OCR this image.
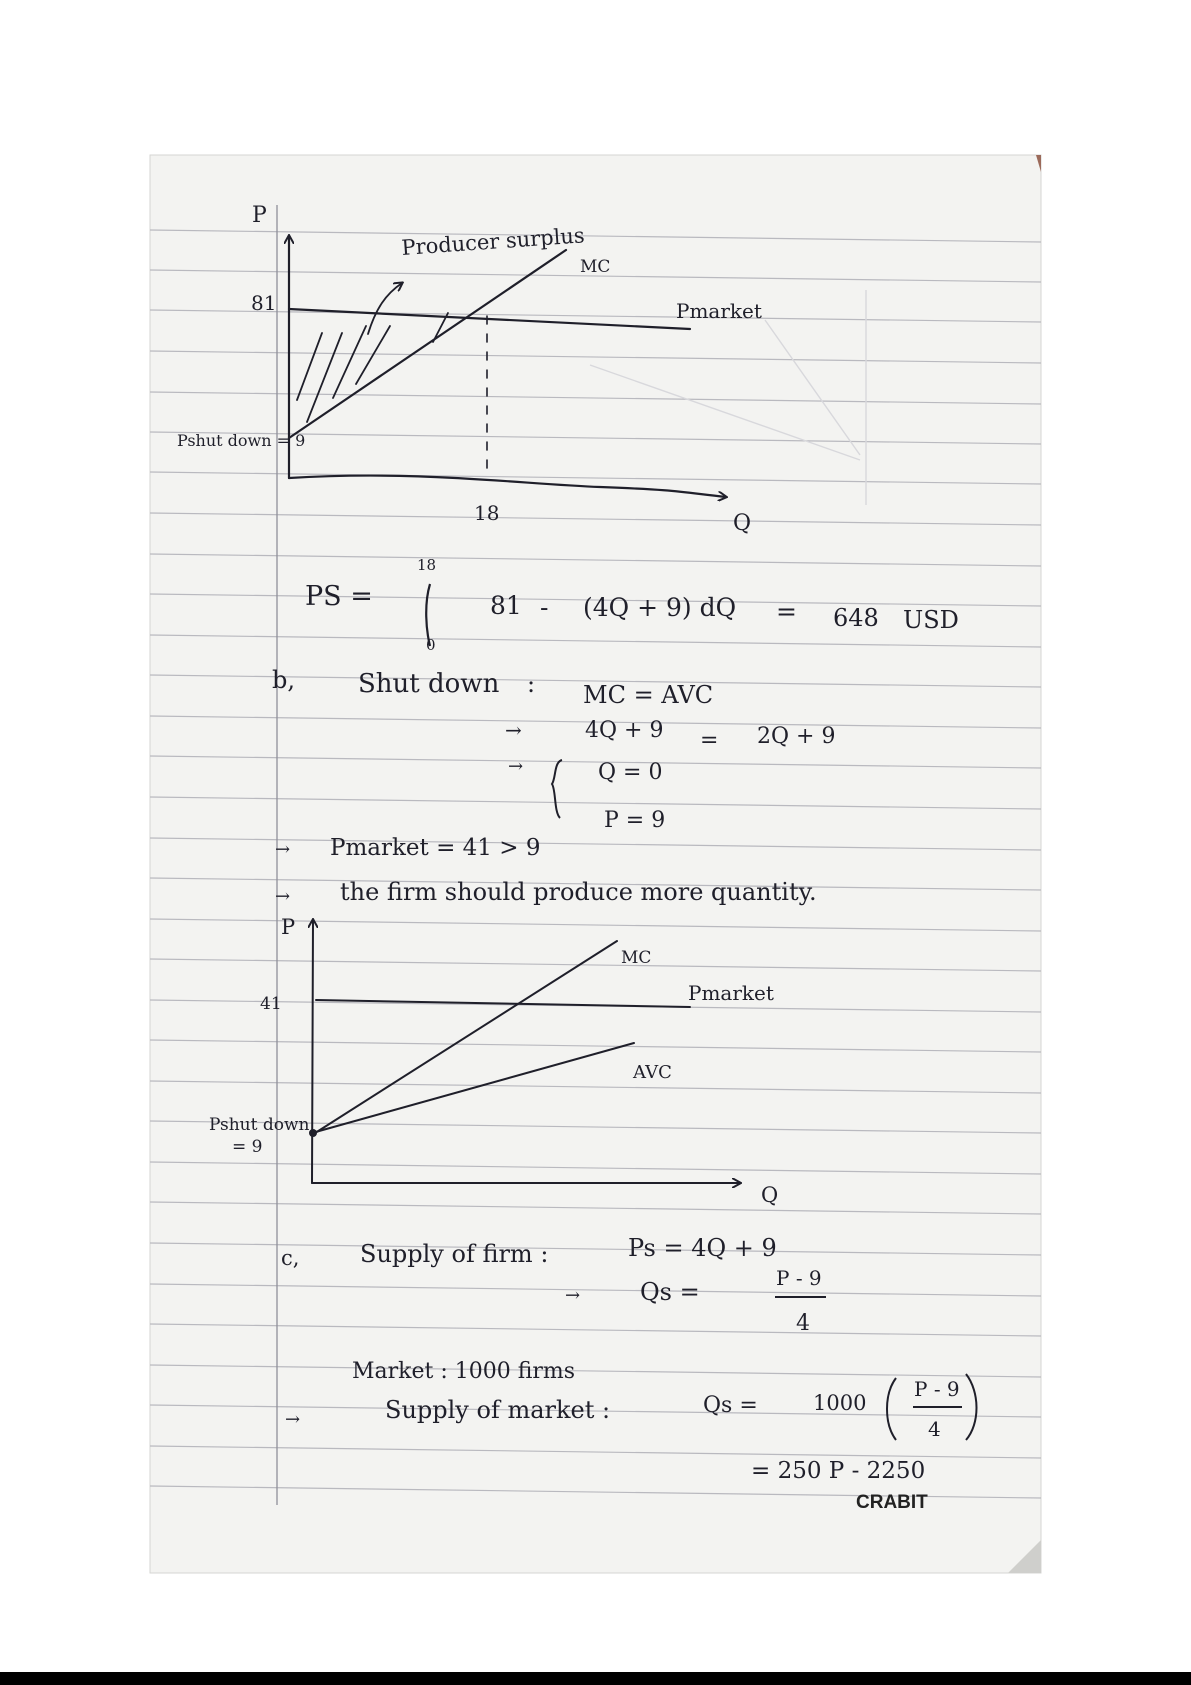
P
Q
81
18
Pshut down = 9
Producer surplus
MC
Pmarket
PS =
18
0
81 - (4Q + 9) dQ = 648 USD
b, Shut down : MC = AVC
→	4Q + 9 = 2Q + 9
→	Q = 0
P = 9
→ Pmarket = 41 > 9
→ the firm should produce more quantity.
P
Q
41
Pshut down
= 9
MC
Pmarket
AVC
c,	Supply of firm :	Ps = 4Q + 9
→ Qs =	P - 9
4
Market : 1000 firms
→	Supply of market :	Qs =	1000
P - 9
4
= 250 P - 2250
CRABIT
